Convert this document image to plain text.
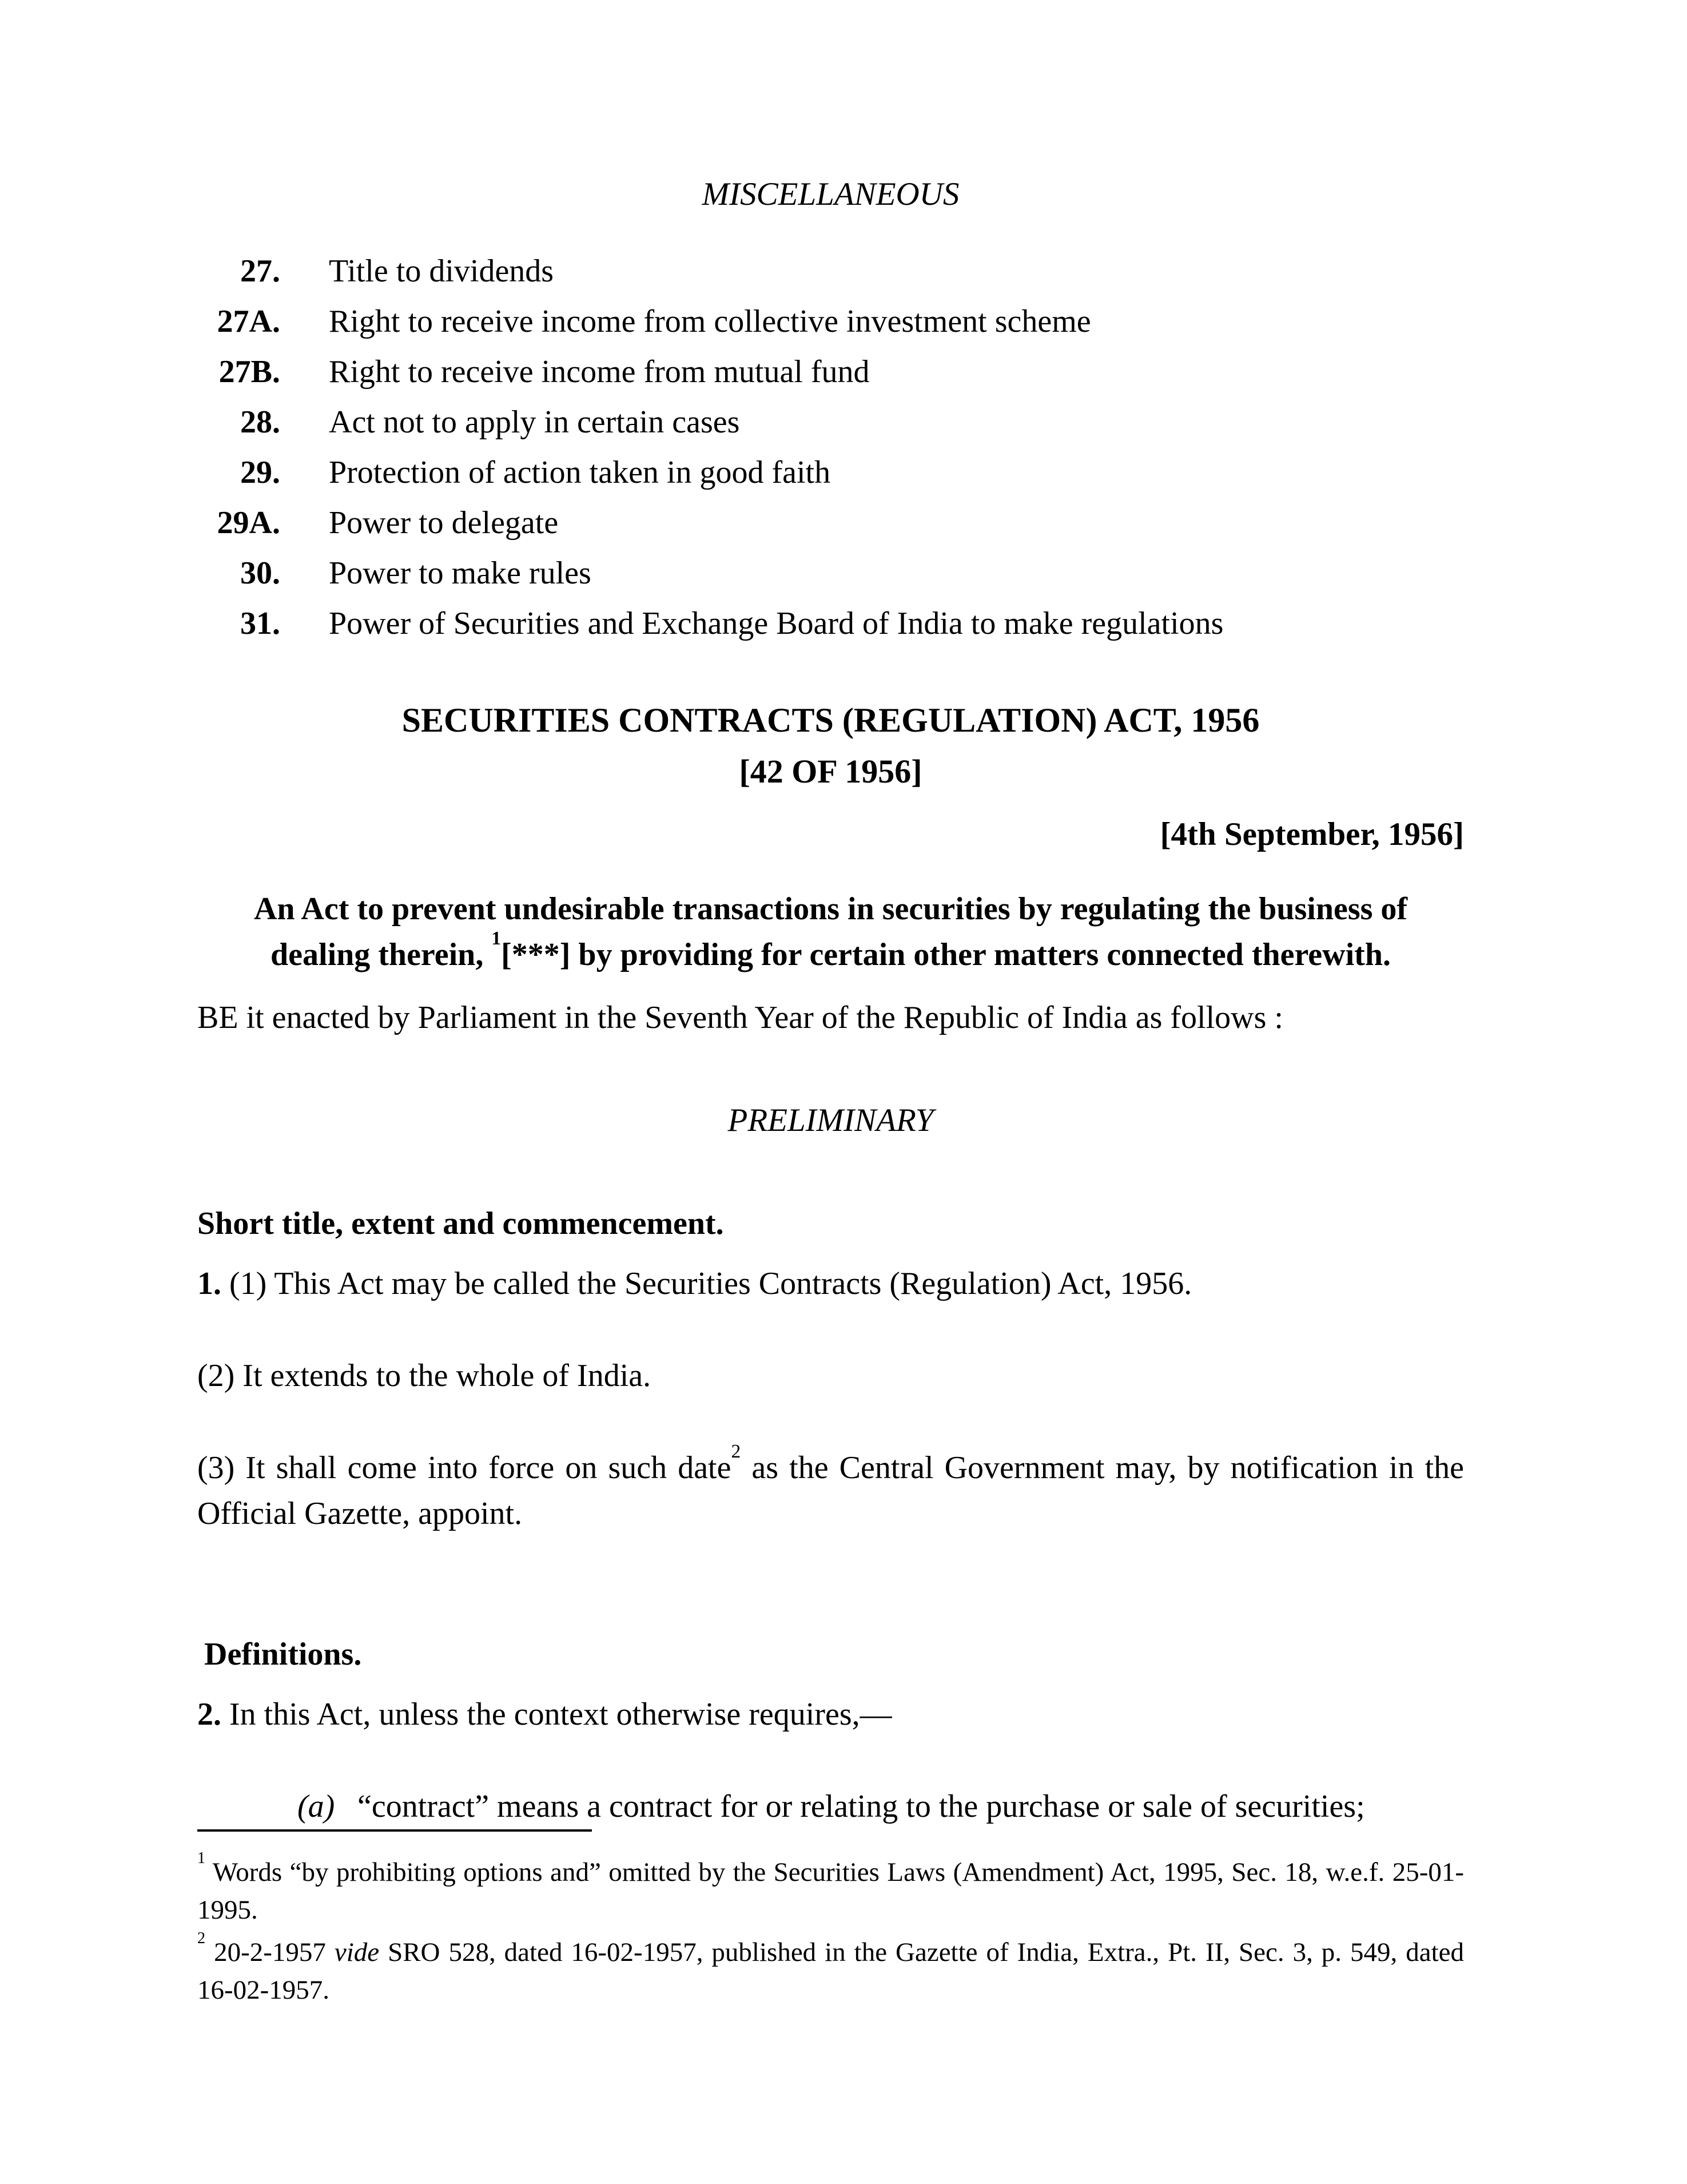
MISCELLANEOUS
27. Title to dividends
27A. Right to receive income from collective investment scheme
27B. Right to receive income from mutual fund
28. Act not to apply in certain cases
29. Protection of action taken in good faith
29A. Power to delegate
30. Power to make rules
31. Power of Securities and Exchange Board of India to make regulations
SECURITIES CONTRACTS (REGULATION) ACT, 1956
[42 OF 1956]
[4th September, 1956]
An Act to prevent undesirable transactions in securities by regulating the business of dealing therein, $^1$[***] by providing for certain other matters connected therewith.
BE it enacted by Parliament in the Seventh Year of the Republic of India as follows :
PRELIMINARY
Short title, extent and commencement.

1. (1) This Act may be called the Securities Contracts (Regulation) Act, 1956.

(2) It extends to the whole of India.

(3) It shall come into force on such date$^2$ as the Central Government may, by notification in the Official Gazette, appoint.

Definitions.

2. In this Act, unless the context otherwise requires,—

(a) “contract” means a contract for or relating to the purchase or sale of securities;
$^1$ Words “by prohibiting options and” omitted by the Securities Laws (Amendment) Act, 1995, Sec. 18, w.e.f. 25-01-1995.
$^2$ 20-2-1957 vide SRO 528, dated 16-02-1957, published in the Gazette of India, Extra., Pt. II, Sec. 3, p. 549, dated 16-02-1957.
